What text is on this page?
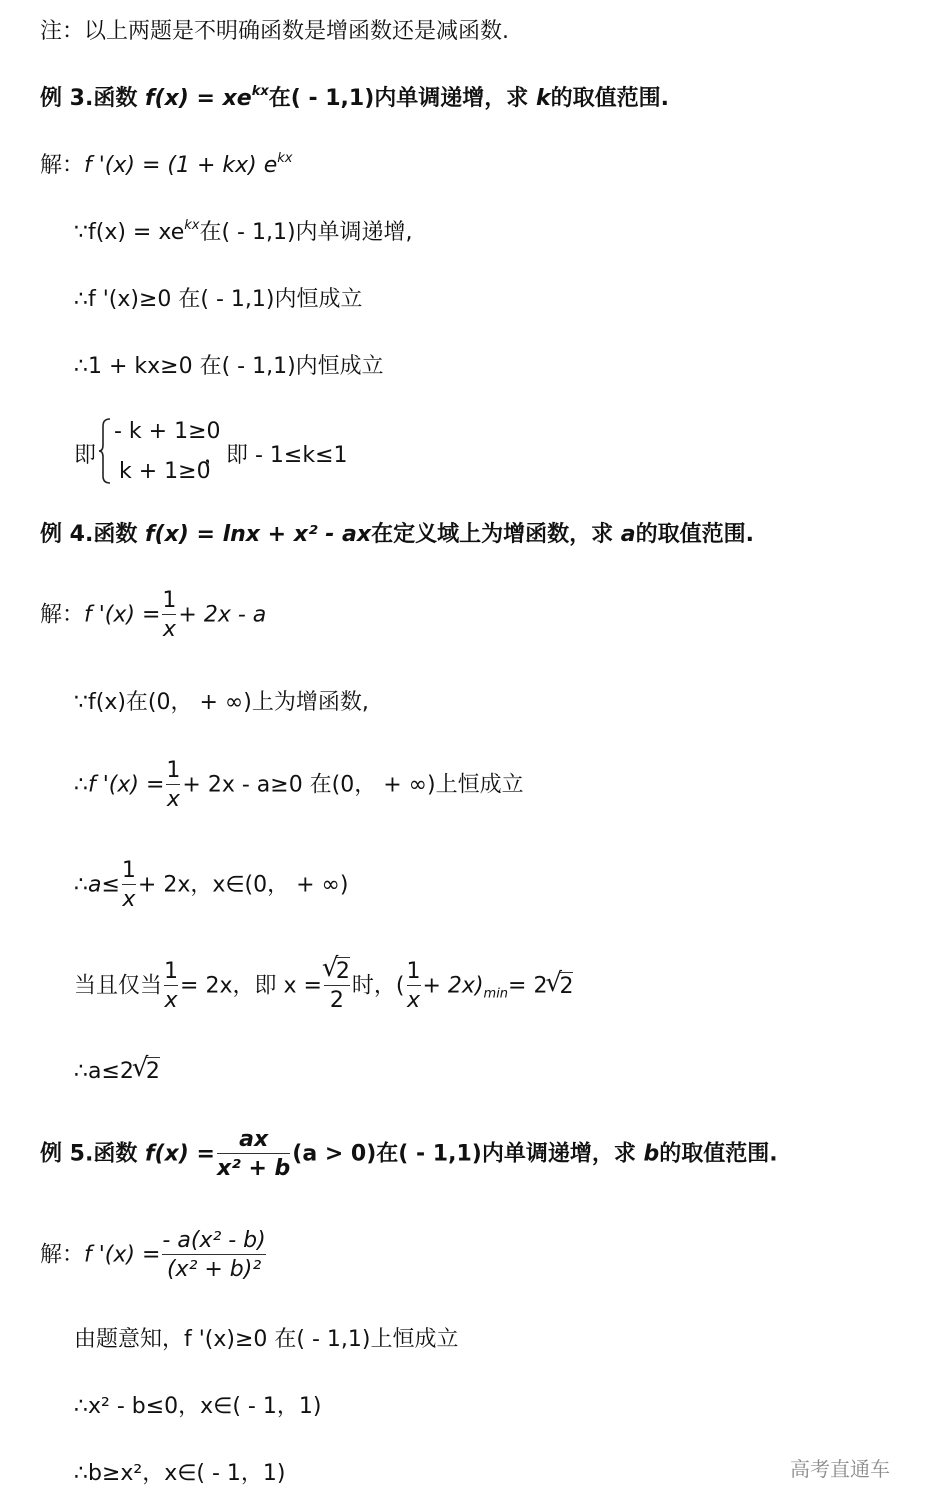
注：以上两题是不明确函数是增函数还是减函数.
例 3.函数 $f(x) = xe^{kx}$在( - 1,1)内单调递增，求 k的取值范围.
解：f '(x) = (1 + kx) $e^{kx}$
∵f(x) = $xe^{kx}$在( - 1,1)内单调递增,
∴f '(x)≥0 在( - 1,1)内恒成立
∴1 + kx≥0 在( - 1,1)内恒成立
即
- k + 1≥0
k + 1≥0
，即 - 1≤k≤1
例 4.函数 f(x) = lnx + x² - ax在定义域上为增函数，求 a的取值范围.
解：f '$(x) = \frac{1}{x} + 2x - a$
∵f(x)在(0， + ∞)上为增函数,
∴f '$(x) = \frac{1}{x} + 2x - a\ge 0$ 在(0， + ∞)上恒成立
∴a≤ $\frac{1}{x} + 2x$，x∈(0， + ∞)
当且仅当 $\frac{1}{x} = 2x$，即 x =
√ $\frac{2}{2}$ 时，( $\frac{1}{x} + 2x)_{min}= 2√$ 2
∴a≤2√ 2
例 5.函数 $f(x) = \frac{ax}{\text{x² + b}} (a > 0)$在( - 1,1)内单调递增，求 b的取值范围.
解：f '$(x) = \frac{\text{- a(x² - b)}}{\text{(x² + b)²}}$
由题意知，f '(x)≥0 在( - 1,1)上恒成立
∴x² - b≤0，x∈( - 1，1)
∴b≥x²，x∈( - 1，1)	高考直通车
